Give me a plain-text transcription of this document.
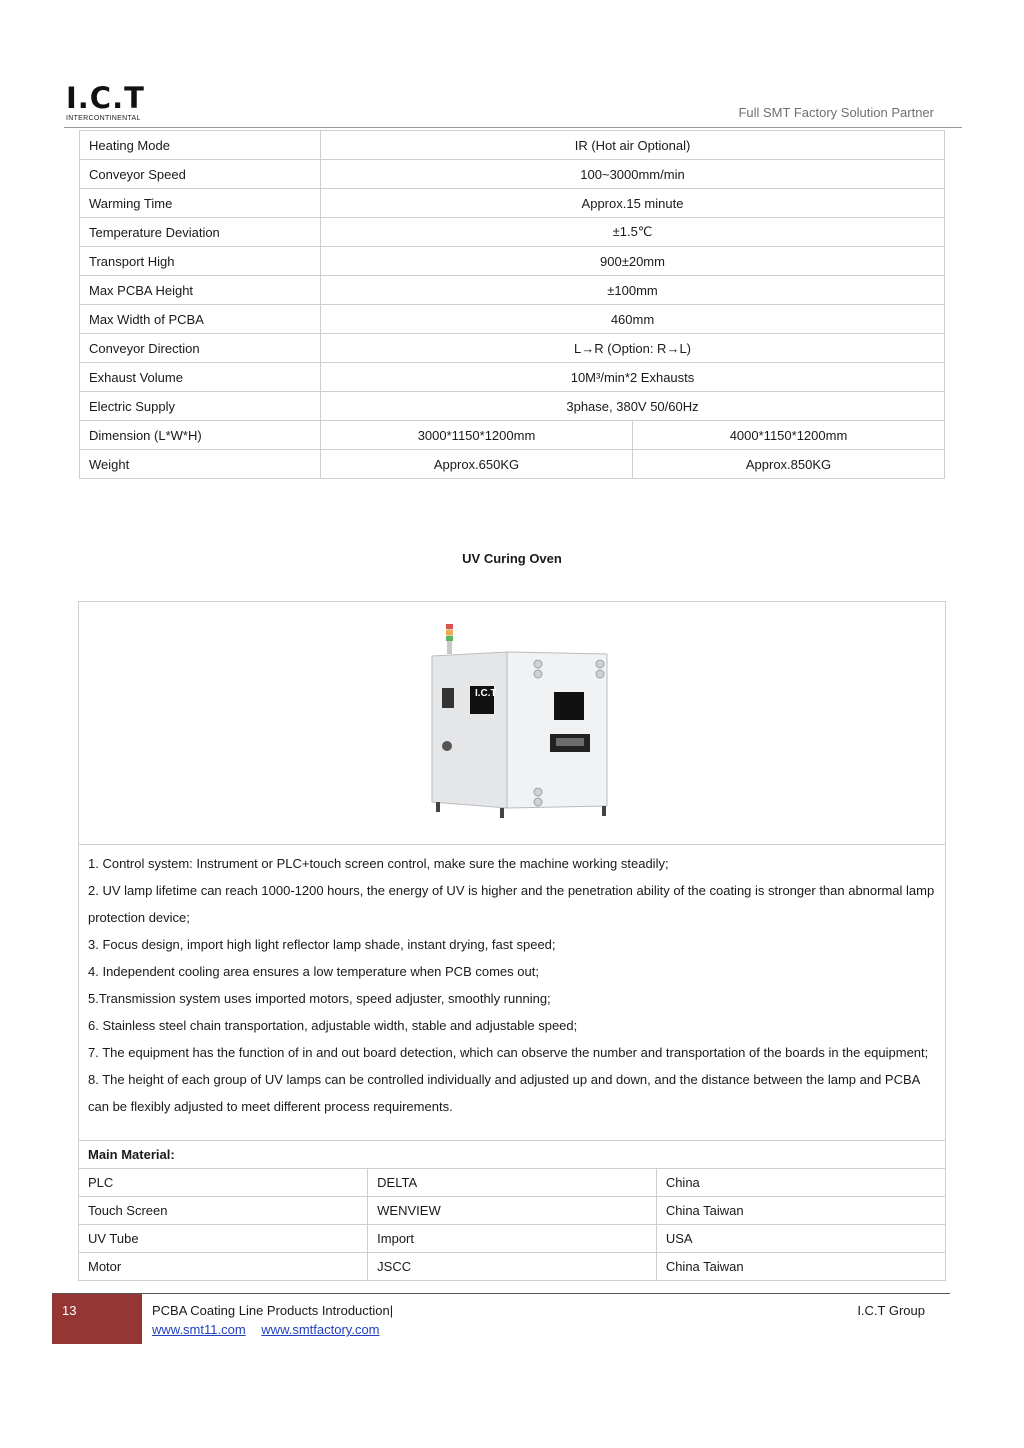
I.C.T
INTERCONTINENTAL	Full SMT Factory Solution Partner
Heating Mode	IR (Hot air Optional)	
Conveyor Speed	100~3000mm/min	
Warming Time	Approx.15 minute	
Temperature Deviation	±1.5℃	
Transport High	900±20mm	
Max PCBA Height	±100mm	
Max Width of PCBA	460mm	
Conveyor Direction	L→R (Option: R→L)	
Exhaust Volume	10M³/min*2 Exhausts	
Electric Supply	3phase, 380V 50/60Hz	
Dimension (L*W*H)	3000*1150*1200mm	4000*1150*1200mm
Weight	Approx.650KG	Approx.850KG
UV Curing Oven
I.C.T
1. Control system: Instrument or PLC+touch screen control, make sure the machine working steadily;
2. UV lamp lifetime can reach 1000-1200 hours, the energy of UV is higher and the penetration ability of the coating is stronger than abnormal lamp protection device;
3. Focus design, import high light reflector lamp shade, instant drying, fast speed;
4. Independent cooling area ensures a low temperature when PCB comes out;
5.Transmission system uses imported motors, speed adjuster, smoothly running;
6. Stainless steel chain transportation, adjustable width, stable and adjustable speed;
7. The equipment has the function of in and out board detection, which can observe the number and transportation of the boards in the equipment;
8. The height of each group of UV lamps can be controlled individually and adjusted up and down, and the distance between the lamp and PCBA can be flexibly adjusted to meet different process requirements.
Main Material:		
PLC	DELTA	China
Touch Screen	WENVIEW	China Taiwan
UV Tube	Import	USA
Motor	JSCC	China Taiwan
13	PCBA Coating Line Products Introduction|
www.smt11.com www.smtfactory.com
I.C.T Group
